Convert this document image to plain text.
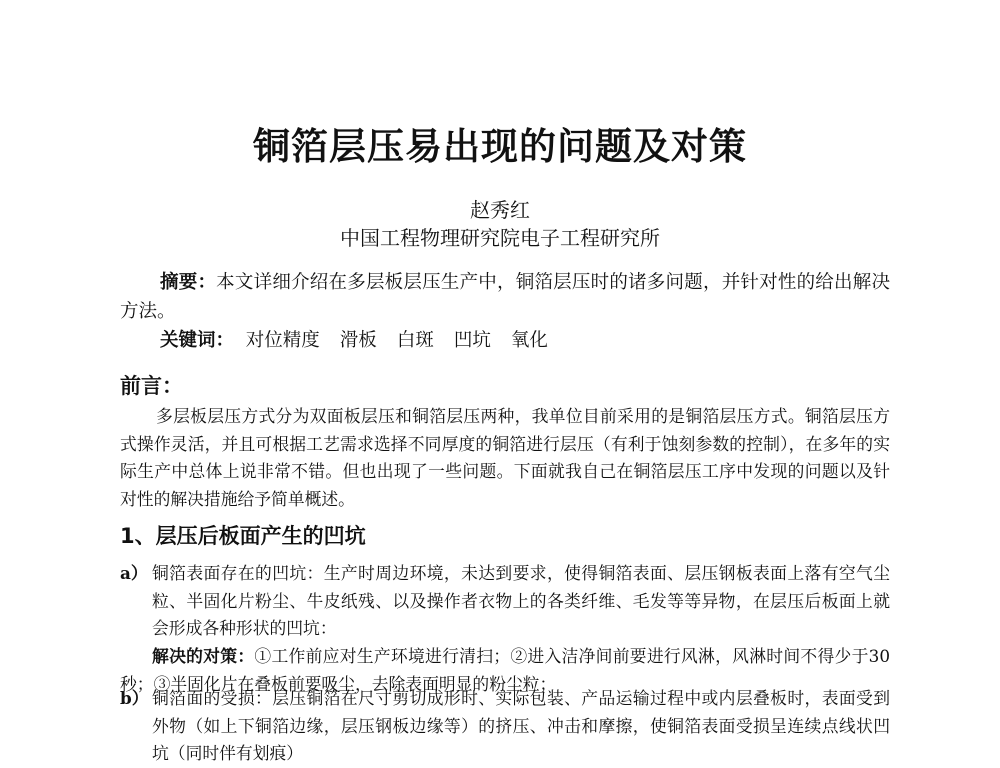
铜箔层压易出现的问题及对策

赵秀红

中国工程物理研究院电子工程研究所

摘要：本文详细介绍在多层板层压生产中，铜箔层压时的诸多问题，并针对性的给出解决方法。

关键词： 对位精度 滑板 白斑 凹坑 氧化

前言：

多层板层压方式分为双面板层压和铜箔层压两种，我单位目前采用的是铜箔层压方式。铜箔层压方式操作灵活，并且可根据工艺需求选择不同厚度的铜箔进行层压（有利于蚀刻参数的控制），在多年的实际生产中总体上说非常不错。但也出现了一些问题。下面就我自己在铜箔层压工序中发现的问题以及针对性的解决措施给予简单概述。

1、层压后板面产生的凹坑

a） 铜箔表面存在的凹坑：生产时周边环境，未达到要求，使得铜箔表面、层压钢板表面上落有空气尘粒、半固化片粉尘、牛皮纸残、以及操作者衣物上的各类纤维、毛发等等异物，在层压后板面上就会形成各种形状的凹坑：

解决的对策：①工作前应对生产环境进行清扫；②进入洁净间前要进行风淋，风淋时间不得少于30秒；③半固化片在叠板前要吸尘，去除表面明显的粉尘粒；

b） 铜箔面的受损：层压铜箔在尺寸剪切成形时、实际包装、产品运输过程中或内层叠板时，表面受到外物（如上下铜箔边缘，层压钢板边缘等）的挤压、冲击和摩擦，使铜箔表面受损呈连续点线状凹坑（同时伴有划痕）
